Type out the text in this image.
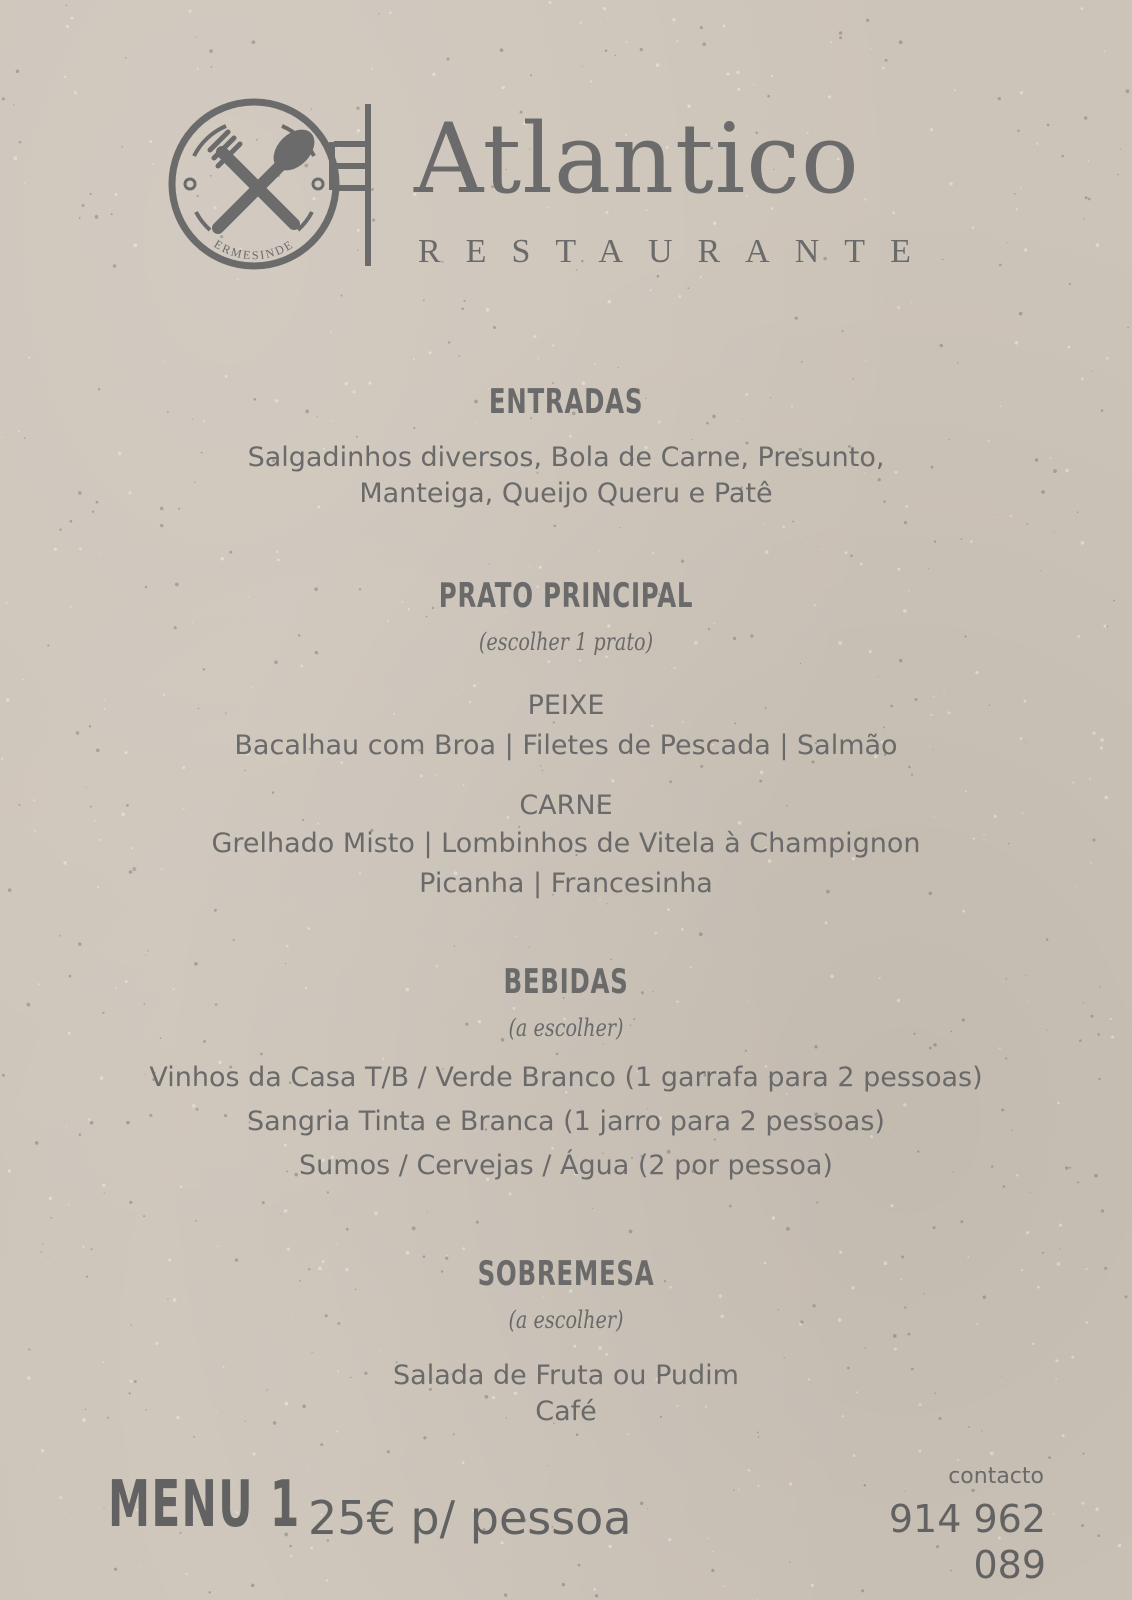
ERMESINDE
Atlantico
RESTAURANTE
ENTRADAS
Salgadinhos diversos, Bola de Carne, Presunto,
Manteiga, Queijo Queru e Patê
PRATO PRINCIPAL
(escolher 1 prato)
PEIXE
Bacalhau com Broa | Filetes de Pescada | Salmão
CARNE
Grelhado Misto | Lombinhos de Vitela à Champignon
Picanha | Francesinha
BEBIDAS
(a escolher)
Vinhos da Casa T/B / Verde Branco (1 garrafa para 2 pessoas)
Sangria Tinta e Branca (1 jarro para 2 pessoas)
Sumos / Cervejas / Água (2 por pessoa)
SOBREMESA
(a escolher)
Salada de Fruta ou Pudim
Café
MENU 1 25€ p/ pessoa
contacto
914 962 089
